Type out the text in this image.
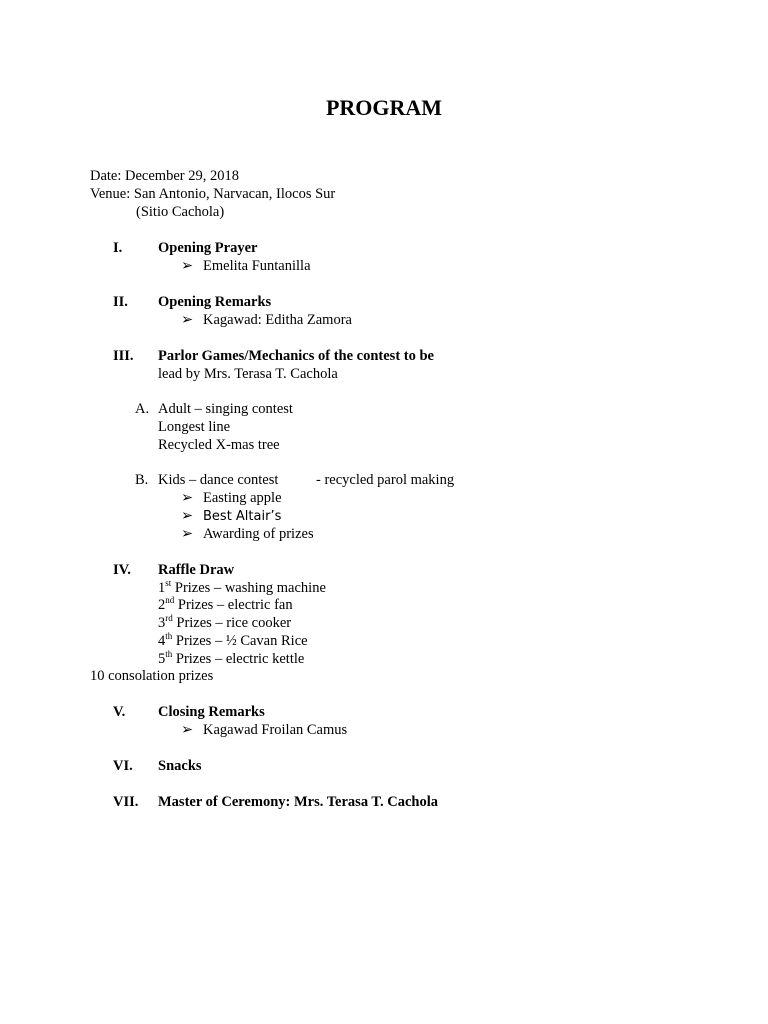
PROGRAM
Date: December 29, 2018
Venue: San Antonio, Narvacan, Ilocos Sur
(Sitio Cachola)
I. Opening Prayer
➢ Emelita Funtanilla
II. Opening Remarks
➢ Kagawad: Editha Zamora
III. Parlor Games/Mechanics of the contest to be
lead by Mrs. Terasa T. Cachola
A. Adult – singing contest
Longest line
Recycled X-mas tree
B. Kids – dance contest	- recycled parol making
➢ Easting apple
➢ Best Altair’s
➢ Awarding of prizes
IV. Raffle Draw
1st Prizes – washing machine
2nd Prizes – electric fan
3rd Prizes – rice cooker
4th Prizes – ½ Cavan Rice
5th Prizes – electric kettle
10 consolation prizes
V. Closing Remarks
➢ Kagawad Froilan Camus
VI. Snacks
VII. Master of Ceremony: Mrs. Terasa T. Cachola
